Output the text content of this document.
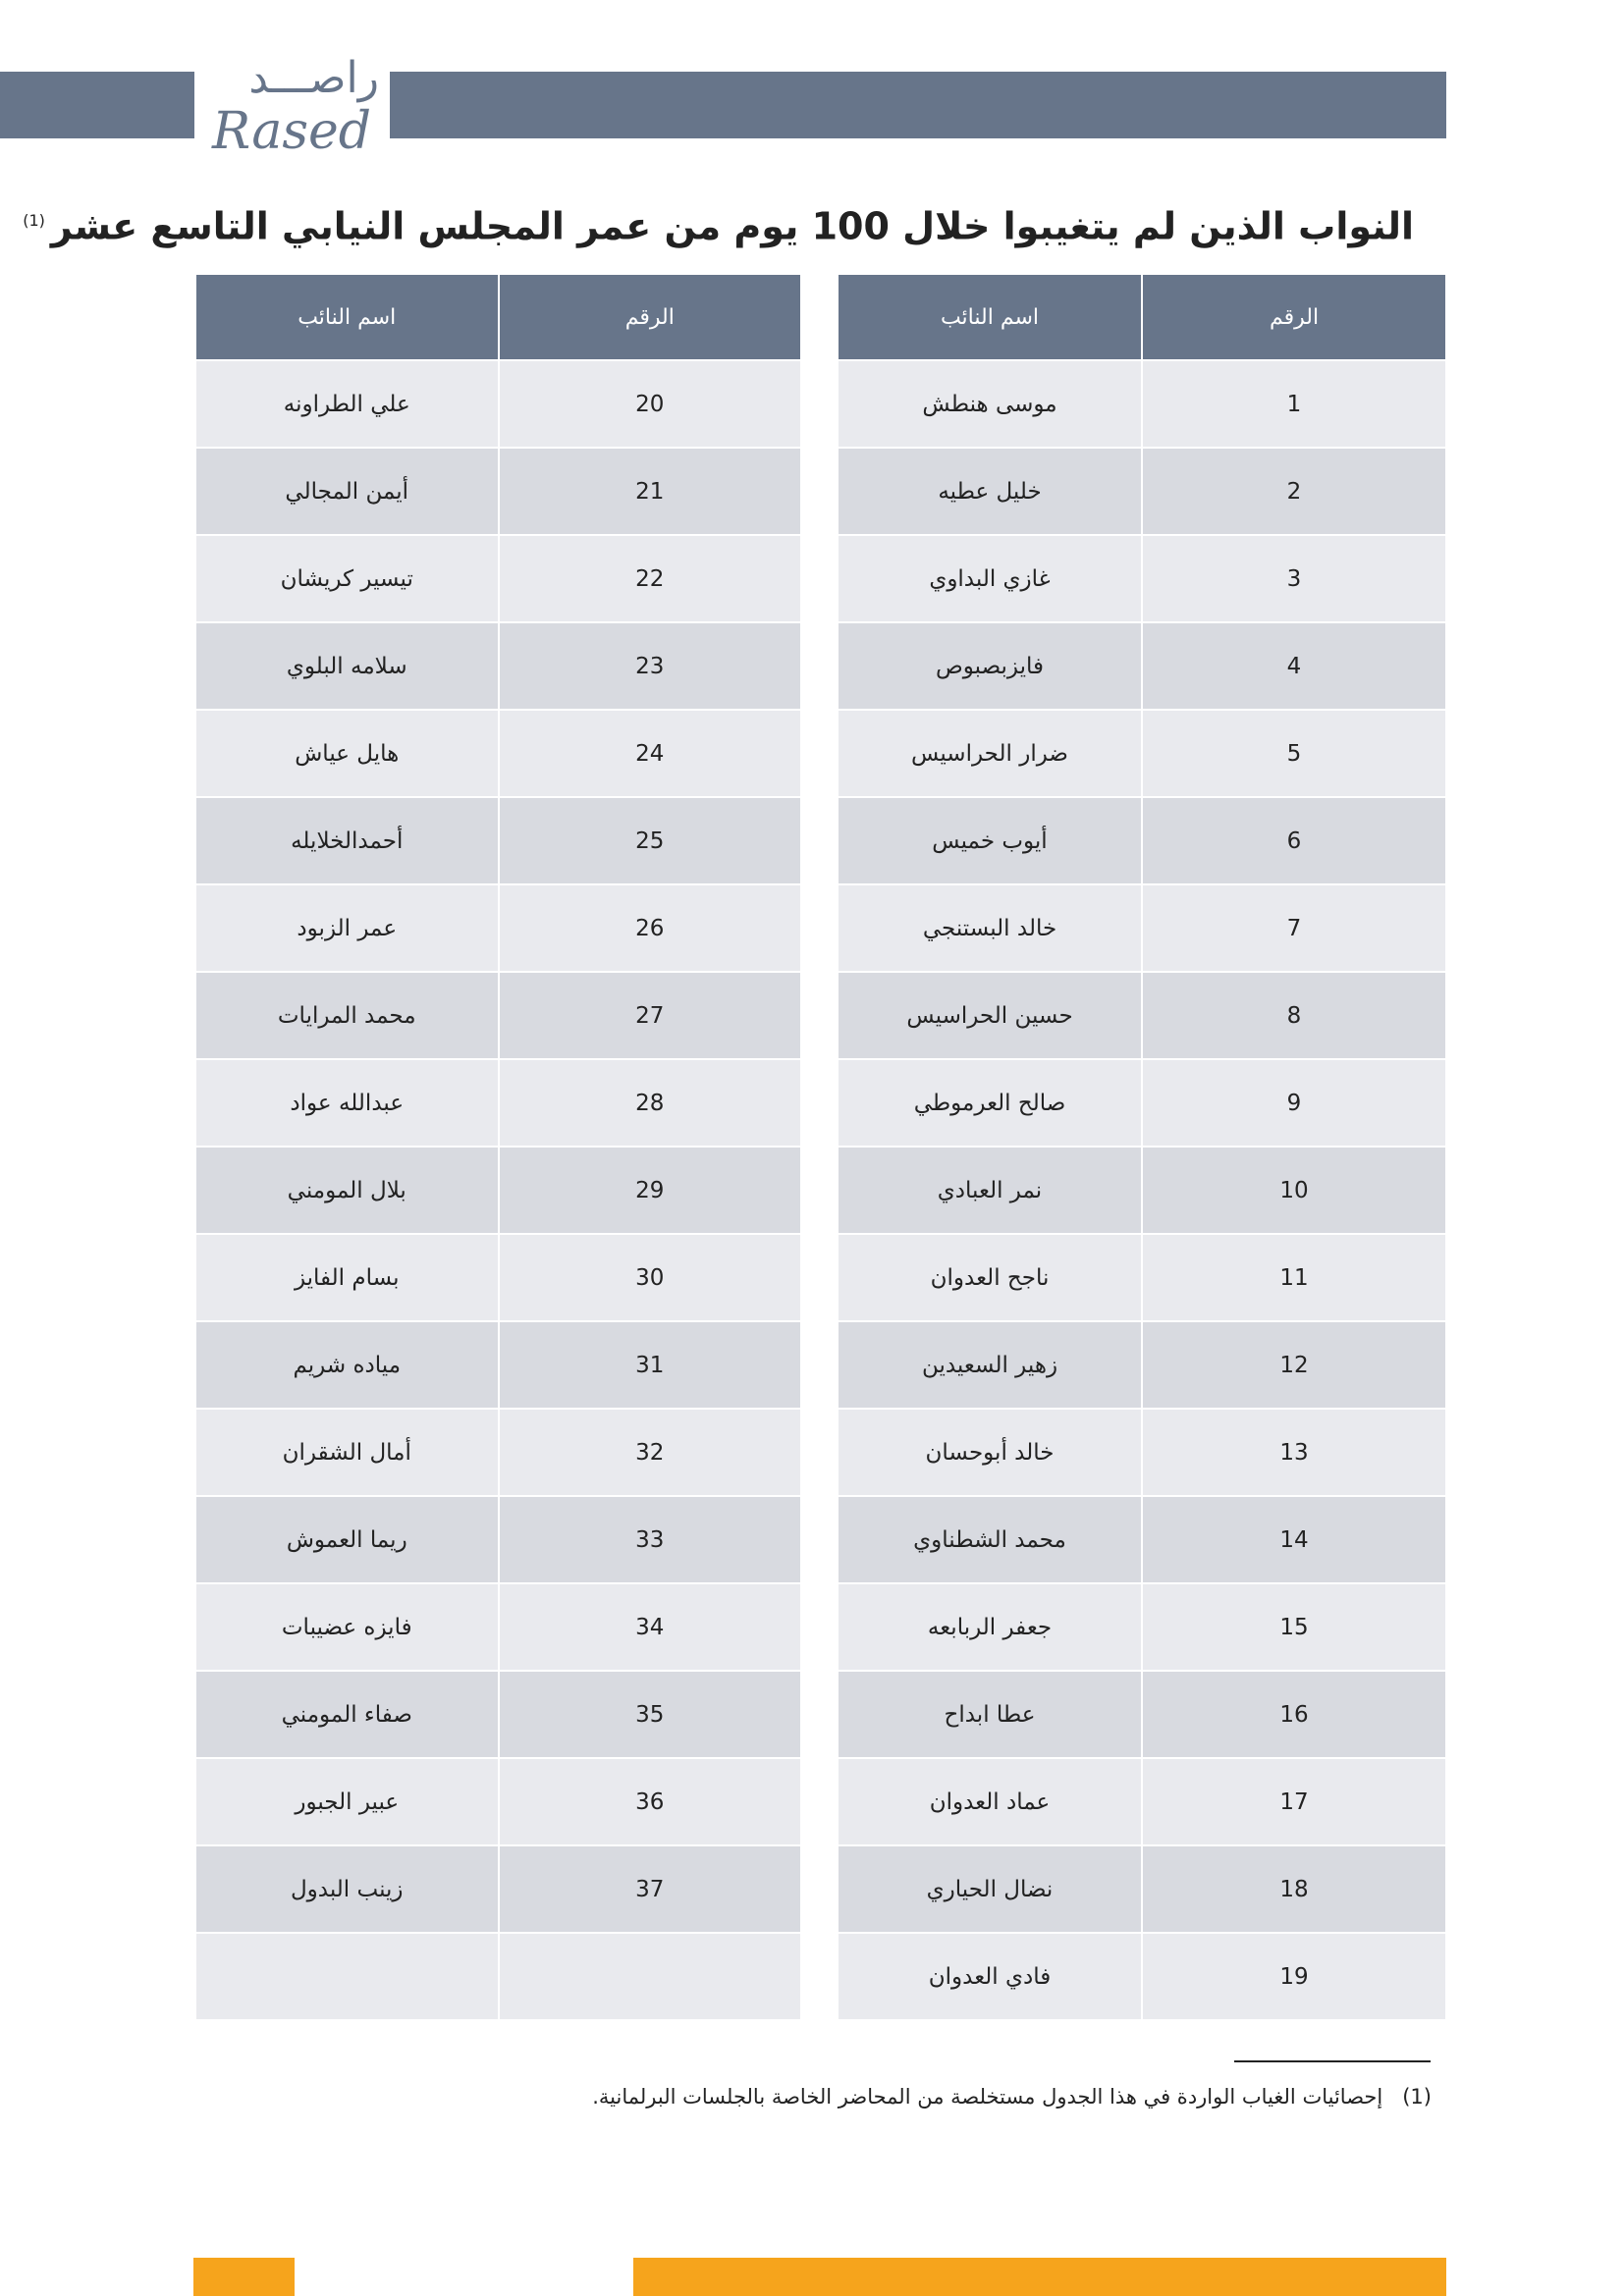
راصـــد
Rased
النواب الذين لم يتغيبوا خلال 100 يوم من عمر المجلس النيابي التاسع عشر$^{(1)}$
الرقم	اسم النائب
1	موسى هنطش
2	خليل عطيه
3	غازي البداوي
4	فايزبصبوص
5	ضرار الحراسيس
6	أيوب خميس
7	خالد البستنجي
8	حسين الحراسيس
9	صالح العرموطي
10	نمر العبادي
11	ناجح العدوان
12	زهير السعيدين
13	خالد أبوحسان
14	محمد الشطناوي
15	جعفر الربابعه
16	عطا ابداح
17	عماد العدوان
18	نضال الحياري
19	فادي العدوان
الرقم	اسم النائب
20	علي الطراونه
21	أيمن المجالي
22	تيسير كريشان
23	سلامه البلوي
24	هايل عياش
25	أحمدالخلايله
26	عمر الزبود
27	محمد المرايات
28	عبدالله عواد
29	بلال المومني
30	بسام الفايز
31	مياده شريم
32	أمال الشقران
33	ريما العموش
34	فايزه عضيبات
35	صفاء المومني
36	عبير الجبور
37	زينب البدول

(1)إحصائيات الغياب الواردة في هذا الجدول مستخلصة من المحاضر الخاصة بالجلسات البرلمانية.
